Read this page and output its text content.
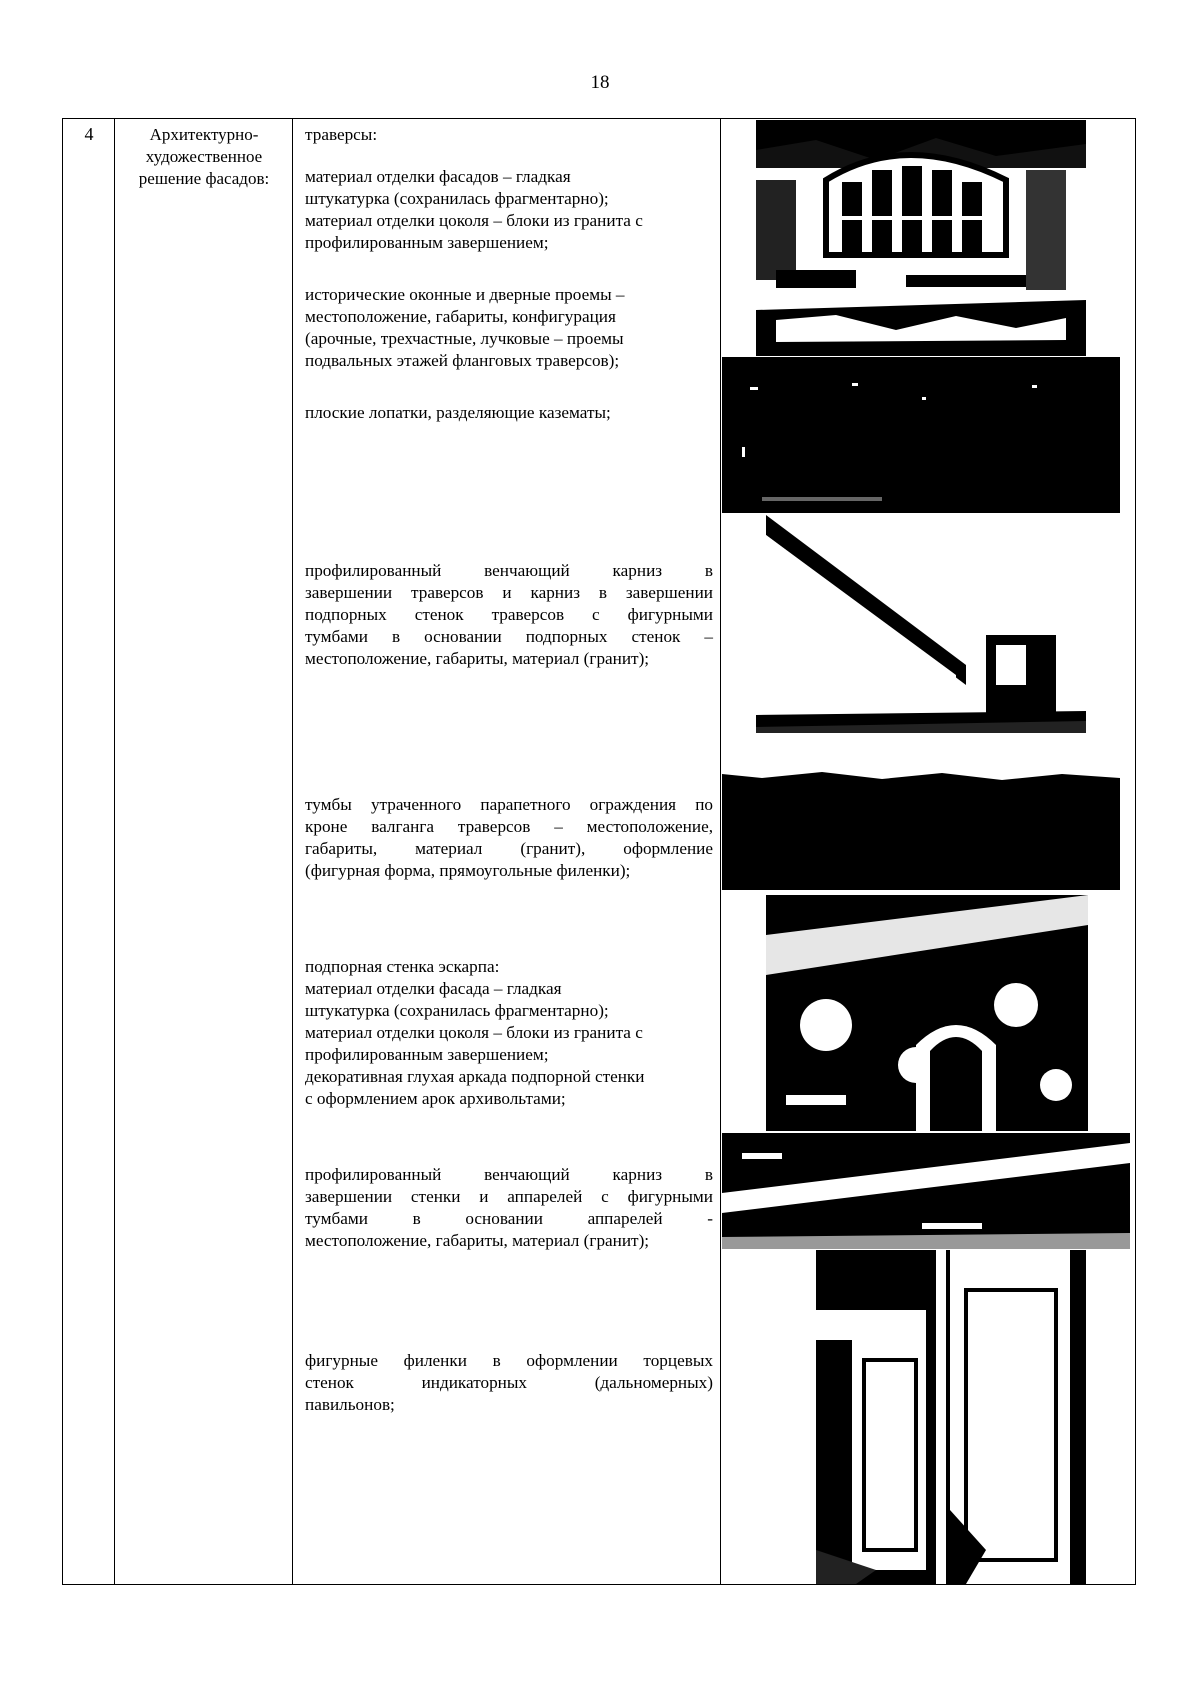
18
4	Архитектурно-
художественное
решение фасадов:
траверсы:
материал отделки фасадов – гладкая
штукатурка (сохранилась фрагментарно);
материал отделки цоколя – блоки из гранита с
профилированным завершением;
исторические оконные и дверные проемы –
местоположение, габариты, конфигурация
(арочные, трехчастные, лучковые – проемы
подвальных этажей фланговых траверсов);
плоские лопатки, разделяющие казематы;
профилированный венчающий карниз в
завершении траверсов и карниз в завершении
подпорных стенок траверсов с фигурными
тумбами в основании подпорных стенок –
местоположение, габариты, материал (гранит);
тумбы утраченного парапетного ограждения по
кроне валганга траверсов – местоположение,
габариты, материал (гранит), оформление
(фигурная форма, прямоугольные филенки);
подпорная стенка эскарпа:
материал отделки фасада – гладкая
штукатурка (сохранилась фрагментарно);
материал отделки цоколя – блоки из гранита с
профилированным завершением;
декоративная глухая аркада подпорной стенки
с оформлением арок архивольтами;
профилированный венчающий карниз в
завершении стенки и аппарелей с фигурными
тумбами в основании аппарелей -
местоположение, габариты, материал (гранит);
фигурные филенки в оформлении торцевых
стенок индикаторных (дальномерных)
павильонов;
